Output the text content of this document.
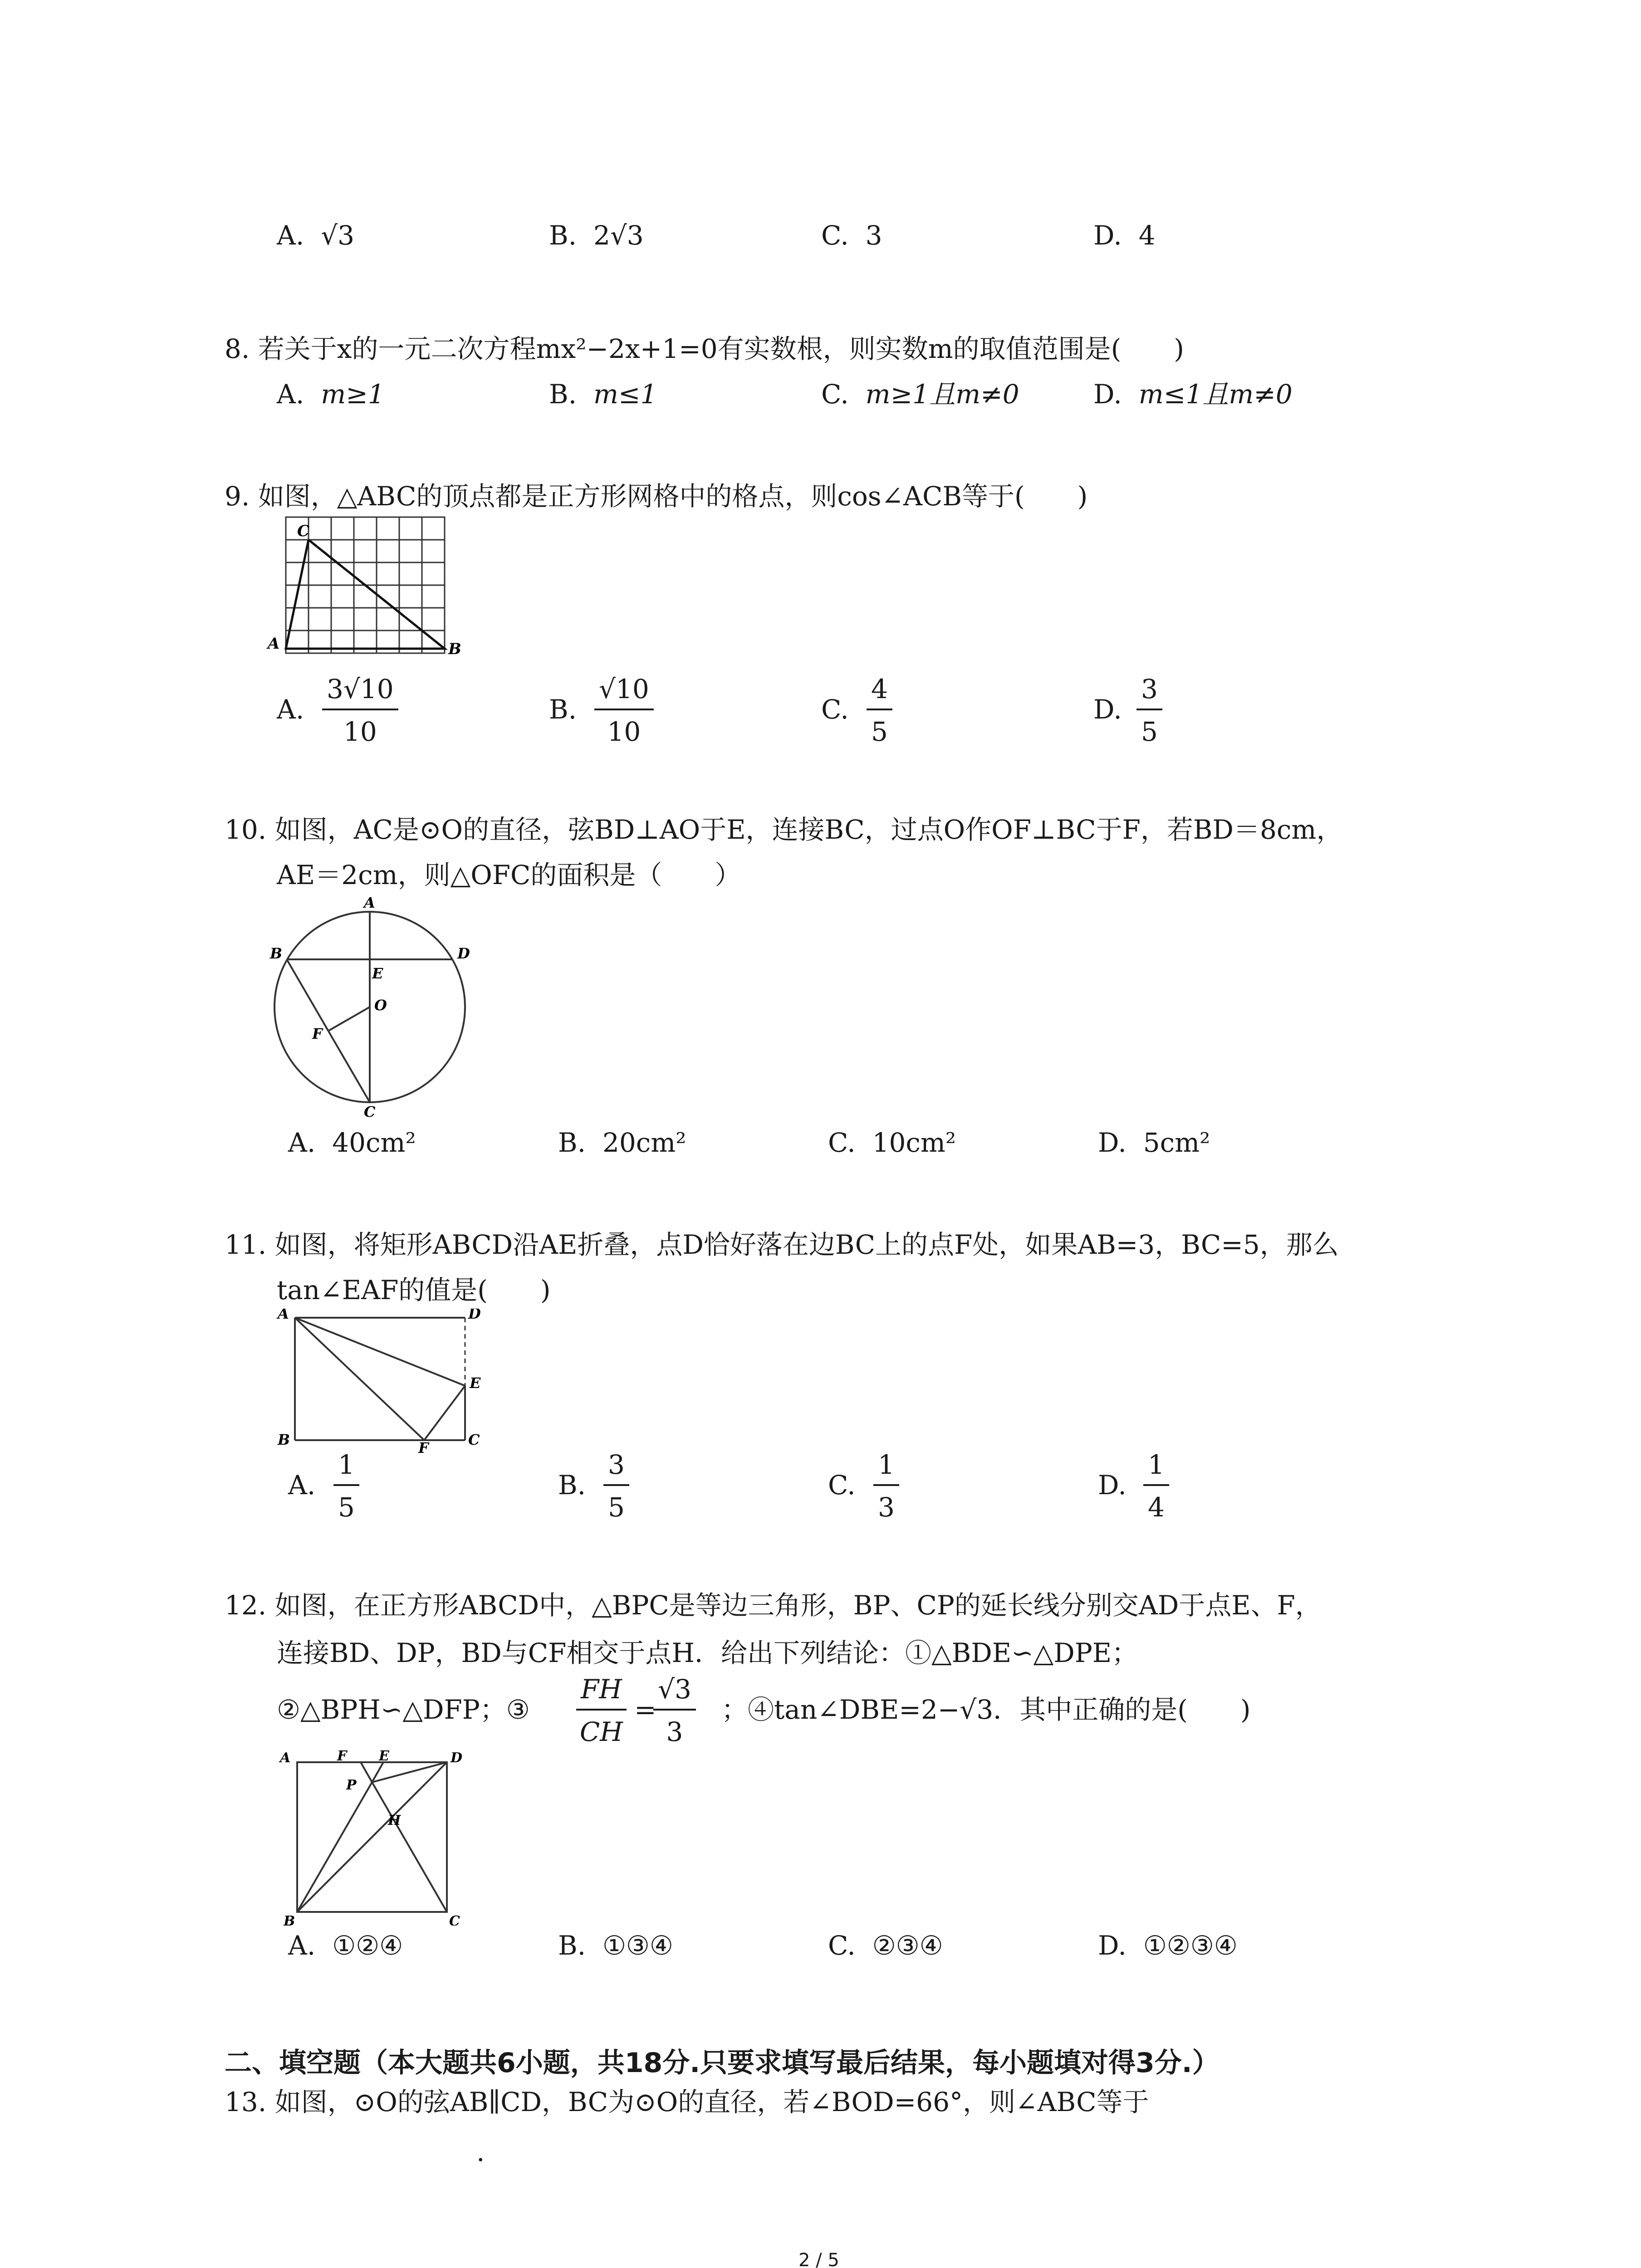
A. √3	B. 2√3	C. 3	D. 4
8. 若关于x的一元二次方程mx²−2x+1=0有实数根，则实数m的取值范围是(　　)
A. m≥1	B. m≤1	C. m≥1且m≠0	D. m≤1且m≠0
9. 如图，△ABC的顶点都是正方形网格中的格点，则cos∠ACB等于(　　)
C
A	B
A. $\frac{3√10}{10}$	B. $\frac{√10}{10}$	C. $\frac{4}{5}$	D. $\frac{3}{5}$
10. 如图，AC是⊙O的直径，弦BD⊥AO于E，连接BC，过点O作OF⊥BC于F，若BD＝8cm，
AE＝2cm，则△OFC的面积是（　　）
A
B	D
E
O
F
C
A. 40cm²	B. 20cm²	C. 10cm²	D. 5cm²
11. 如图，将矩形ABCD沿AE折叠，点D恰好落在边BC上的点F处，如果AB=3，BC=5，那么
tan∠EAF的值是(　　)
A	D
E
B	F	C
A. $\frac{1}{5}$	B. $\frac{3}{5}$	C. $\frac{1}{3}$	D. $\frac{1}{4}$
12. 如图，在正方形ABCD中，△BPC是等边三角形，BP、CP的延长线分别交AD于点E、F，
连接BD、DP，BD与CF相交于点H．给出下列结论：①△BDE∽△DPE；
②△BPH∽△DFP；③ $\frac{FH}{CH}$ =
$\frac{√3}{3}$ ；④tan∠DBE=2−√3．其中正确的是(　　)
A	F E	D
P
H
B	C
A. ①②④	B. ①③④	C. ②③④	D. ①②③④
二、填空题（本大题共6小题，共18分.只要求填写最后结果，每小题填对得3分.）
13. 如图，⊙O的弦AB∥CD，BC为⊙O的直径，若∠BOD=66°，则∠ABC等于
.
2 / 5
